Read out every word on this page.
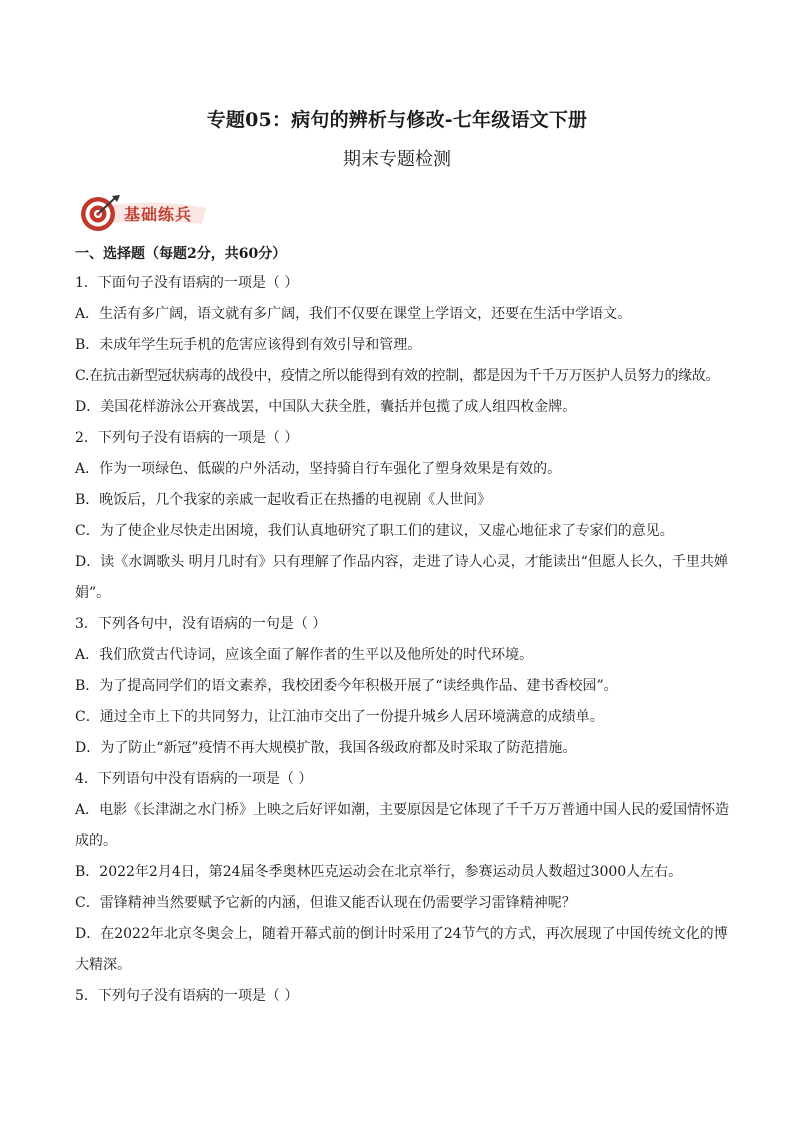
专题05：病句的辨析与修改-七年级语文下册
期末专题检测
基础练兵
一、选择题（每题2分，共60分）
1．下面句子没有语病的一项是（ ）
A．生活有多广阔，语文就有多广阔，我们不仅要在课堂上学语文，还要在生活中学语文。
B．未成年学生玩手机的危害应该得到有效引导和管理。
C.在抗击新型冠状病毒的战役中，疫情之所以能得到有效的控制，都是因为千千万万医护人员努力的缘故。
D．美国花样游泳公开赛战罢，中国队大获全胜，囊括并包揽了成人组四枚金牌。
2．下列句子没有语病的一项是（ ）
A．作为一项绿色、低碳的户外活动，坚持骑自行车强化了塑身效果是有效的。
B．晚饭后，几个我家的亲戚一起收看正在热播的电视剧《人世间》
C．为了使企业尽快走出困境，我们认真地研究了职工们的建议，又虚心地征求了专家们的意见。
D．读《水调歌头 明月几时有》只有理解了作品内容，走进了诗人心灵，才能读出“但愿人长久，千里共婵娟”。
3．下列各句中，没有语病的一句是（ ）
A．我们欣赏古代诗词，应该全面了解作者的生平以及他所处的时代环境。
B．为了提高同学们的语文素养，我校团委今年积极开展了“读经典作品、建书香校园”。
C．通过全市上下的共同努力，让江油市交出了一份提升城乡人居环境满意的成绩单。
D．为了防止“新冠”疫情不再大规模扩散，我国各级政府都及时采取了防范措施。
4．下列语句中没有语病的一项是（ ）
A．电影《长津湖之水门桥》上映之后好评如潮，主要原因是它体现了千千万万普通中国人民的爱国情怀造成的。
B．2022年2月4日，第24届冬季奥林匹克运动会在北京举行，参赛运动员人数超过3000人左右。
C．雷锋精神当然要赋予它新的内涵，但谁又能否认现在仍需要学习雷锋精神呢？
D．在2022年北京冬奥会上，随着开幕式前的倒计时采用了24节气的方式，再次展现了中国传统文化的博大精深。
5．下列句子没有语病的一项是（ ）
